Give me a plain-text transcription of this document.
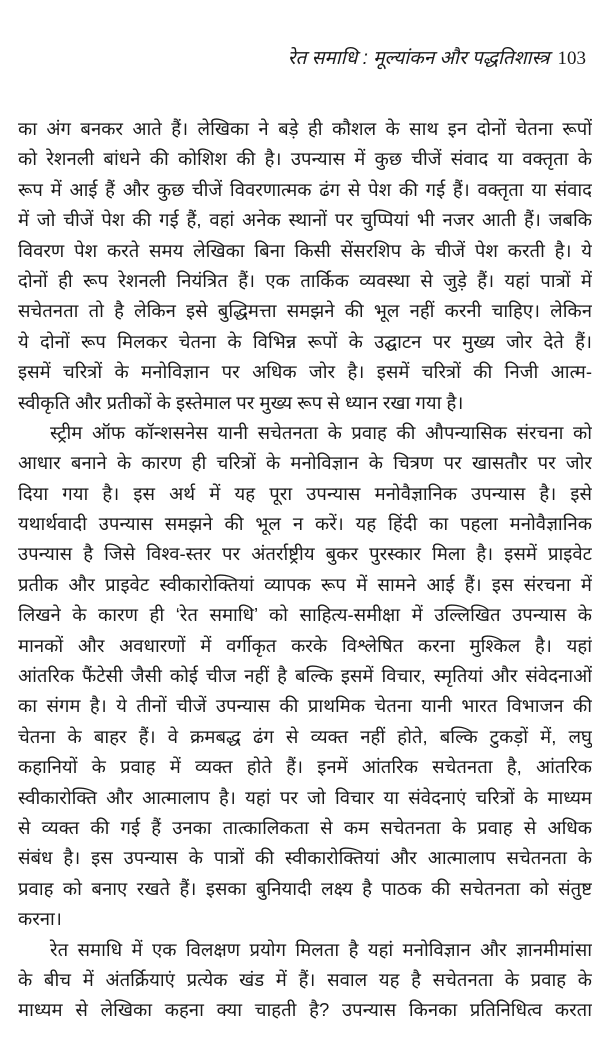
रेत समाधि : मूल्यांकन और पद्धतिशास्त्र 103
का अंग बनकर आते हैं। लेखिका ने बड़े ही कौशल के साथ इन दोनों चेतना रूपों
को रेशनली बांधने की कोशिश की है। उपन्यास में कुछ चीजें संवाद या वक्तृता के
रूप में आई हैं और कुछ चीजें विवरणात्मक ढंग से पेश की गई हैं। वक्तृता या संवाद
में जो चीजें पेश की गई हैं, वहां अनेक स्थानों पर चुप्पियां भी नजर आती हैं। जबकि
विवरण पेश करते समय लेखिका बिना किसी सेंसरशिप के चीजें पेश करती है। ये
दोनों ही रूप रेशनली नियंत्रित हैं। एक तार्किक व्यवस्था से जुड़े हैं। यहां पात्रों में
सचेतनता तो है लेकिन इसे बुद्धिमत्ता समझने की भूल नहीं करनी चाहिए। लेकिन
ये दोनों रूप मिलकर चेतना के विभिन्न रूपों के उद्घाटन पर मुख्य जोर देते हैं।
इसमें चरित्रों के मनोविज्ञान पर अधिक जोर है। इसमें चरित्रों की निजी आत्म-
स्वीकृति और प्रतीकों के इस्तेमाल पर मुख्य रूप से ध्यान रखा गया है।
स्ट्रीम ऑफ कॉन्शसनेस यानी सचेतनता के प्रवाह की औपन्यासिक संरचना को
आधार बनाने के कारण ही चरित्रों के मनोविज्ञान के चित्रण पर खासतौर पर जोर
दिया गया है। इस अर्थ में यह पूरा उपन्यास मनोवैज्ञानिक उपन्यास है। इसे
यथार्थवादी उपन्यास समझने की भूल न करें। यह हिंदी का पहला मनोवैज्ञानिक
उपन्यास है जिसे विश्व-स्तर पर अंतर्राष्ट्रीय बुकर पुरस्कार मिला है। इसमें प्राइवेट
प्रतीक और प्राइवेट स्वीकारोक्तियां व्यापक रूप में सामने आई हैं। इस संरचना में
लिखने के कारण ही ‘रेत समाधि’ को साहित्य-समीक्षा में उल्लिखित उपन्यास के
मानकों और अवधारणों में वर्गीकृत करके विश्लेषित करना मुश्किल है। यहां
आंतरिक फैंटेसी जैसी कोई चीज नहीं है बल्कि इसमें विचार, स्मृतियां और संवेदनाओं
का संगम है। ये तीनों चीजें उपन्यास की प्राथमिक चेतना यानी भारत विभाजन की
चेतना के बाहर हैं। वे क्रमबद्ध ढंग से व्यक्त नहीं होते, बल्कि टुकड़ों में, लघु
कहानियों के प्रवाह में व्यक्त होते हैं। इनमें आंतरिक सचेतनता है, आंतरिक
स्वीकारोक्ति और आत्मालाप है। यहां पर जो विचार या संवेदनाएं चरित्रों के माध्यम
से व्यक्त की गई हैं उनका तात्कालिकता से कम सचेतनता के प्रवाह से अधिक
संबंध है। इस उपन्यास के पात्रों की स्वीकारोक्तियां और आत्मालाप सचेतनता के
प्रवाह को बनाए रखते हैं। इसका बुनियादी लक्ष्य है पाठक की सचेतनता को संतुष्ट
करना।
रेत समाधि में एक विलक्षण प्रयोग मिलता है यहां मनोविज्ञान और ज्ञानमीमांसा
के बीच में अंतर्क्रियाएं प्रत्येक खंड में हैं। सवाल यह है सचेतनता के प्रवाह के
माध्यम से लेखिका कहना क्या चाहती है? उपन्यास किनका प्रतिनिधित्व करता
